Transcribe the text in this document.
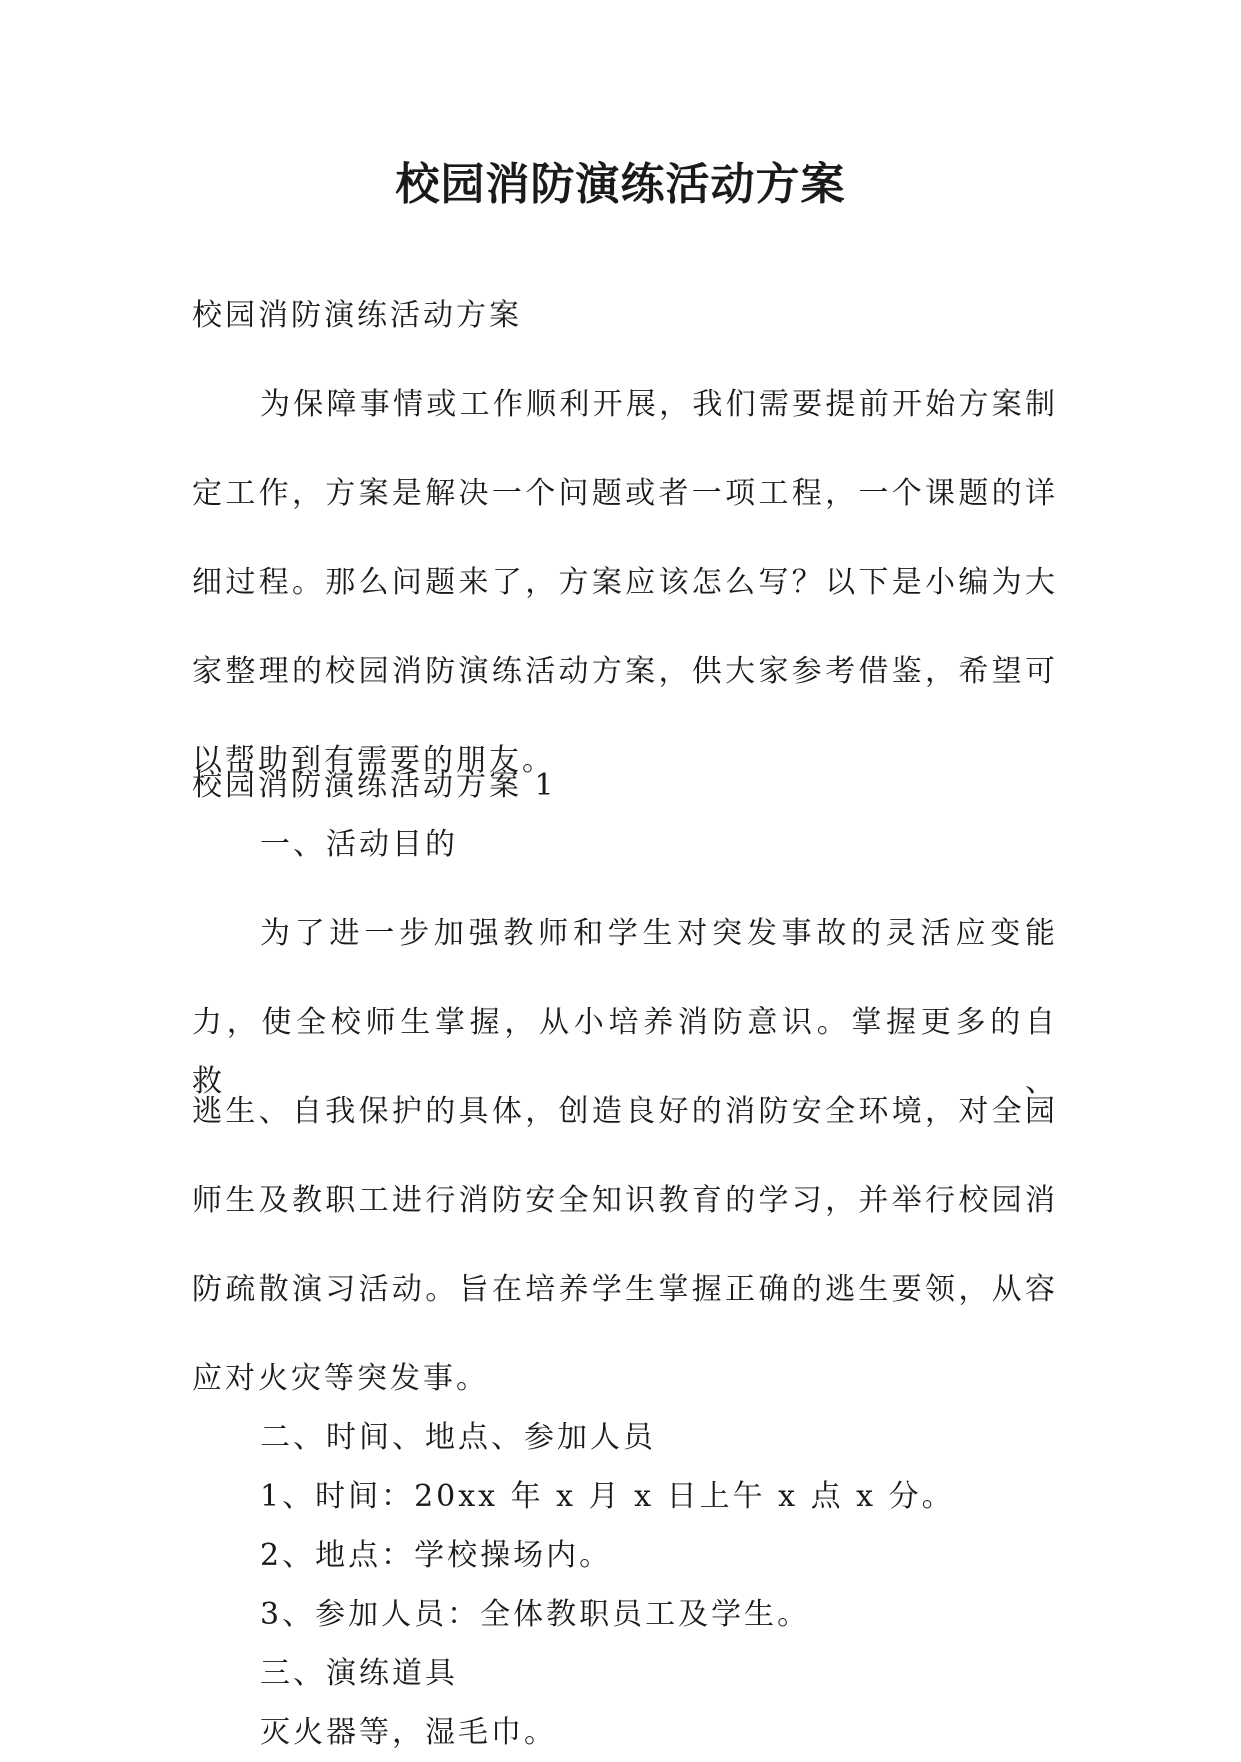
校园消防演练活动方案

校园消防演练活动方案

为保障事情或工作顺利开展，我们需要提前开始方案制

定工作，方案是解决一个问题或者一项工程，一个课题的详

细过程。那么问题来了，方案应该怎么写？以下是小编为大

家整理的校园消防演练活动方案，供大家参考借鉴，希望可

以帮助到有需要的朋友。

校园消防演练活动方案 1

一、活动目的

为了进一步加强教师和学生对突发事故的灵活应变能

力，使全校师生掌握，从小培养消防意识。掌握更多的自救、

逃生、自我保护的具体，创造良好的消防安全环境，对全园

师生及教职工进行消防安全知识教育的学习，并举行校园消

防疏散演习活动。旨在培养学生掌握正确的逃生要领，从容

应对火灾等突发事。

二、时间、地点、参加人员

1、时间：20xx 年 x 月 x 日上午 x 点 x 分。

2、地点：学校操场内。

3、参加人员：全体教职员工及学生。

三、演练道具

灭火器等，湿毛巾。
